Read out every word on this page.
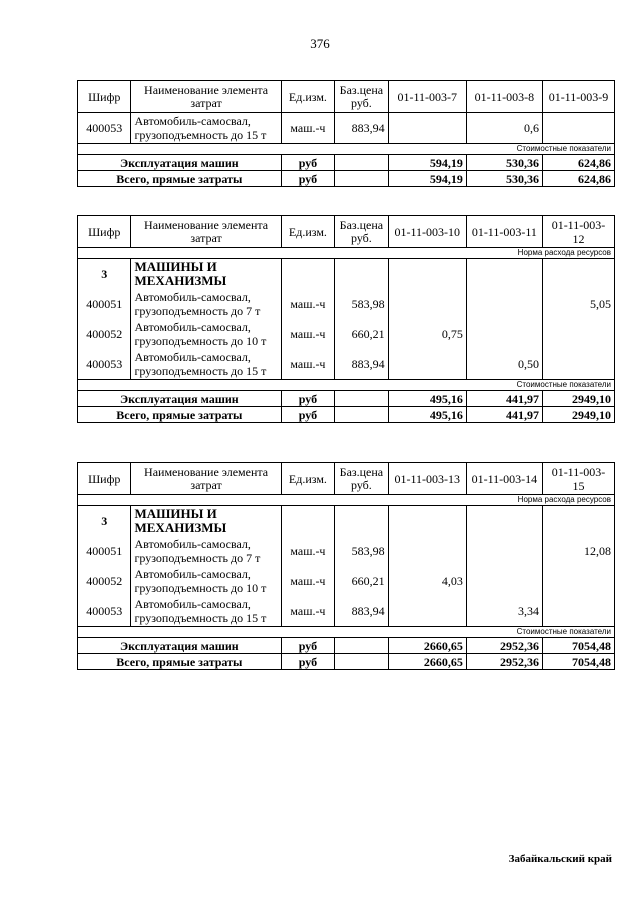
376
Шифр	Наименование элемента затрат	Ед.изм.	Баз.цена руб.	01-11-003-7	01-11-003-8	01-11-003-9
400053	Автомобиль-самосвал, грузоподъемность до 15 т	маш.-ч	883,94		0,6	
Стоимостные показатели						
Эксплуатация машин		руб		594,19	530,36	624,86
Всего, прямые затраты		руб		594,19	530,36	624,86
Шифр	Наименование элемента затрат	Ед.изм.	Баз.цена руб.	01-11-003-10	01-11-003-11	01-11-003-12
Норма расхода ресурсов						
3	МАШИНЫ И МЕХАНИЗМЫ					
400051	Автомобиль-самосвал, грузоподъемность до 7 т	маш.-ч	583,98			5,05
400052	Автомобиль-самосвал, грузоподъемность до 10 т	маш.-ч	660,21	0,75		
400053	Автомобиль-самосвал, грузоподъемность до 15 т	маш.-ч	883,94		0,50	
Стоимостные показатели						
Эксплуатация машин		руб		495,16	441,97	2949,10
Всего, прямые затраты		руб		495,16	441,97	2949,10
Шифр	Наименование элемента затрат	Ед.изм.	Баз.цена руб.	01-11-003-13	01-11-003-14	01-11-003-15
Норма расхода ресурсов						
3	МАШИНЫ И МЕХАНИЗМЫ					
400051	Автомобиль-самосвал, грузоподъемность до 7 т	маш.-ч	583,98			12,08
400052	Автомобиль-самосвал, грузоподъемность до 10 т	маш.-ч	660,21	4,03		
400053	Автомобиль-самосвал, грузоподъемность до 15 т	маш.-ч	883,94		3,34	
Стоимостные показатели						
Эксплуатация машин		руб		2660,65	2952,36	7054,48
Всего, прямые затраты		руб		2660,65	2952,36	7054,48
Забайкальский край
